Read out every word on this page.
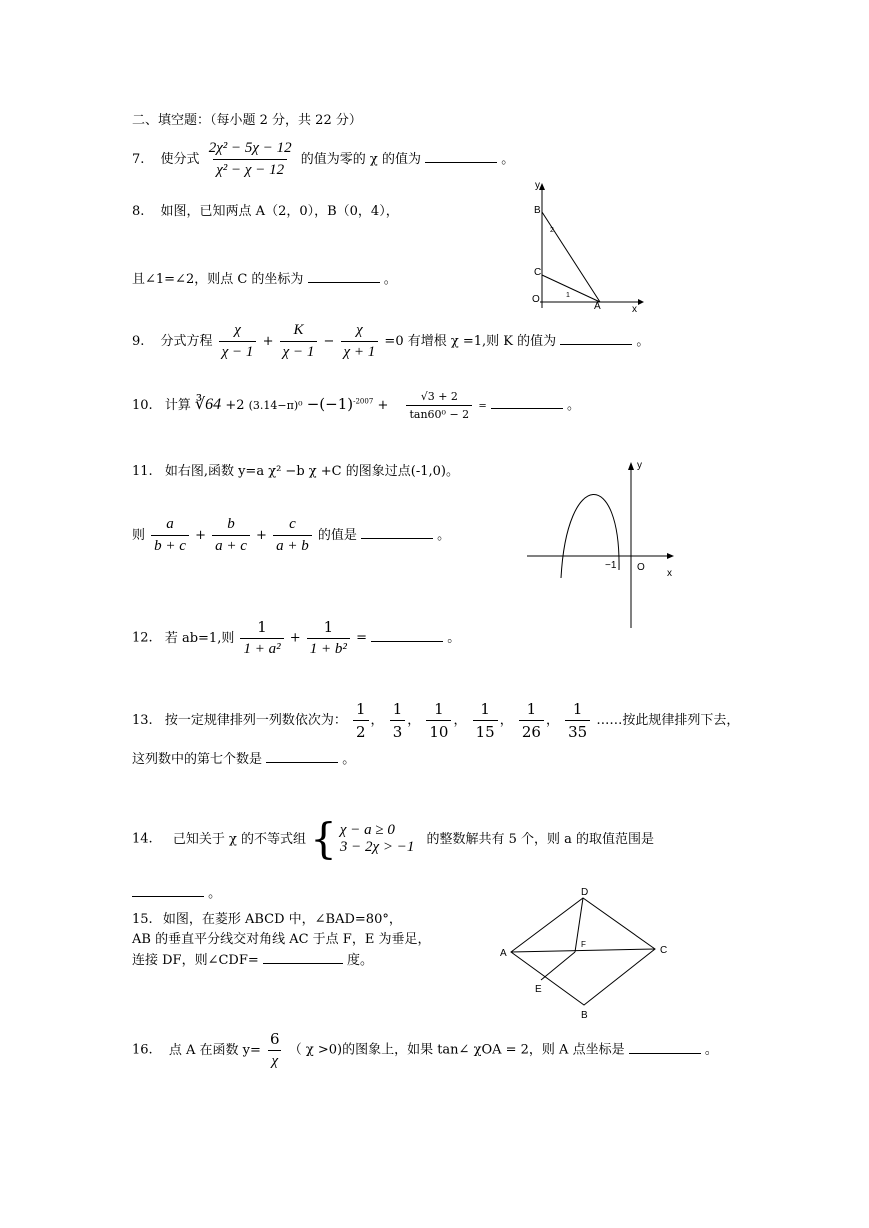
二、填空题：（每小题 2 分，共 22 分）
7. 使分式 $\frac{\text{2χ² − 5χ − 12}}{\text{χ² − χ − 12}}$ 的值为零的 χ 的值为	。
8. 如图，已知两点 A（2，0），B（0，4），
且∠1=∠2，则点 C 的坐标为	。
y
x
B
C
O
A
1
2
9. 分式方程 $\frac{\chi}{\chi - 1} + \frac{K}{\chi - 1} - \frac{\chi}{\chi + 1} =0$ 有增根 χ =1,则 K 的值为	。
10. 计算 ∛64 +2 $(3.14-\pi)^0 -(-1)^{-2007} + \frac{√3 + 2}{\text{tan60⁰ − 2}}$ =	。
11. 如右图,函数 y=a χ² −b χ +C 的图象过点(-1,0)。
则 $\frac{a}{b + c} + \frac{b}{a + c} + \frac{c}{a + b}$ 的值是	。
y
x
O
−1
12. 若 ab=1,则 $\frac{1}{\text{1 + a²}} + \frac{1}{\text{1 + b²}}$ =	。
13. 按一定规律排列一列数依次为： $\frac{1}{2}$ ， $\frac{1}{3}$ ， $\frac{1}{10}$ ， $\frac{1}{15}$ ， $\frac{1}{26}$ ， $\frac{1}{35}$ ……按此规律排列下去，
这列数中的第七个数是	。
14. 己知关于 χ 的不等式组 { χ − a ≥ 0
3 − 2χ > −1 的整数解共有 5 个，则 a 的取值范围是
。
15. 如图，在菱形 ABCD 中，∠BAD=80°，
AB 的垂直平分线交对角线 AC 于点 F，E 为垂足，
连接 DF，则∠CDF=	度。	A
B
C
D
E
F
16. 点 A 在函数 $y= \frac{6}{\chi}$ （ χ >0)的图象上，如果 tan∠ χOA = 2，则 A 点坐标是	。
